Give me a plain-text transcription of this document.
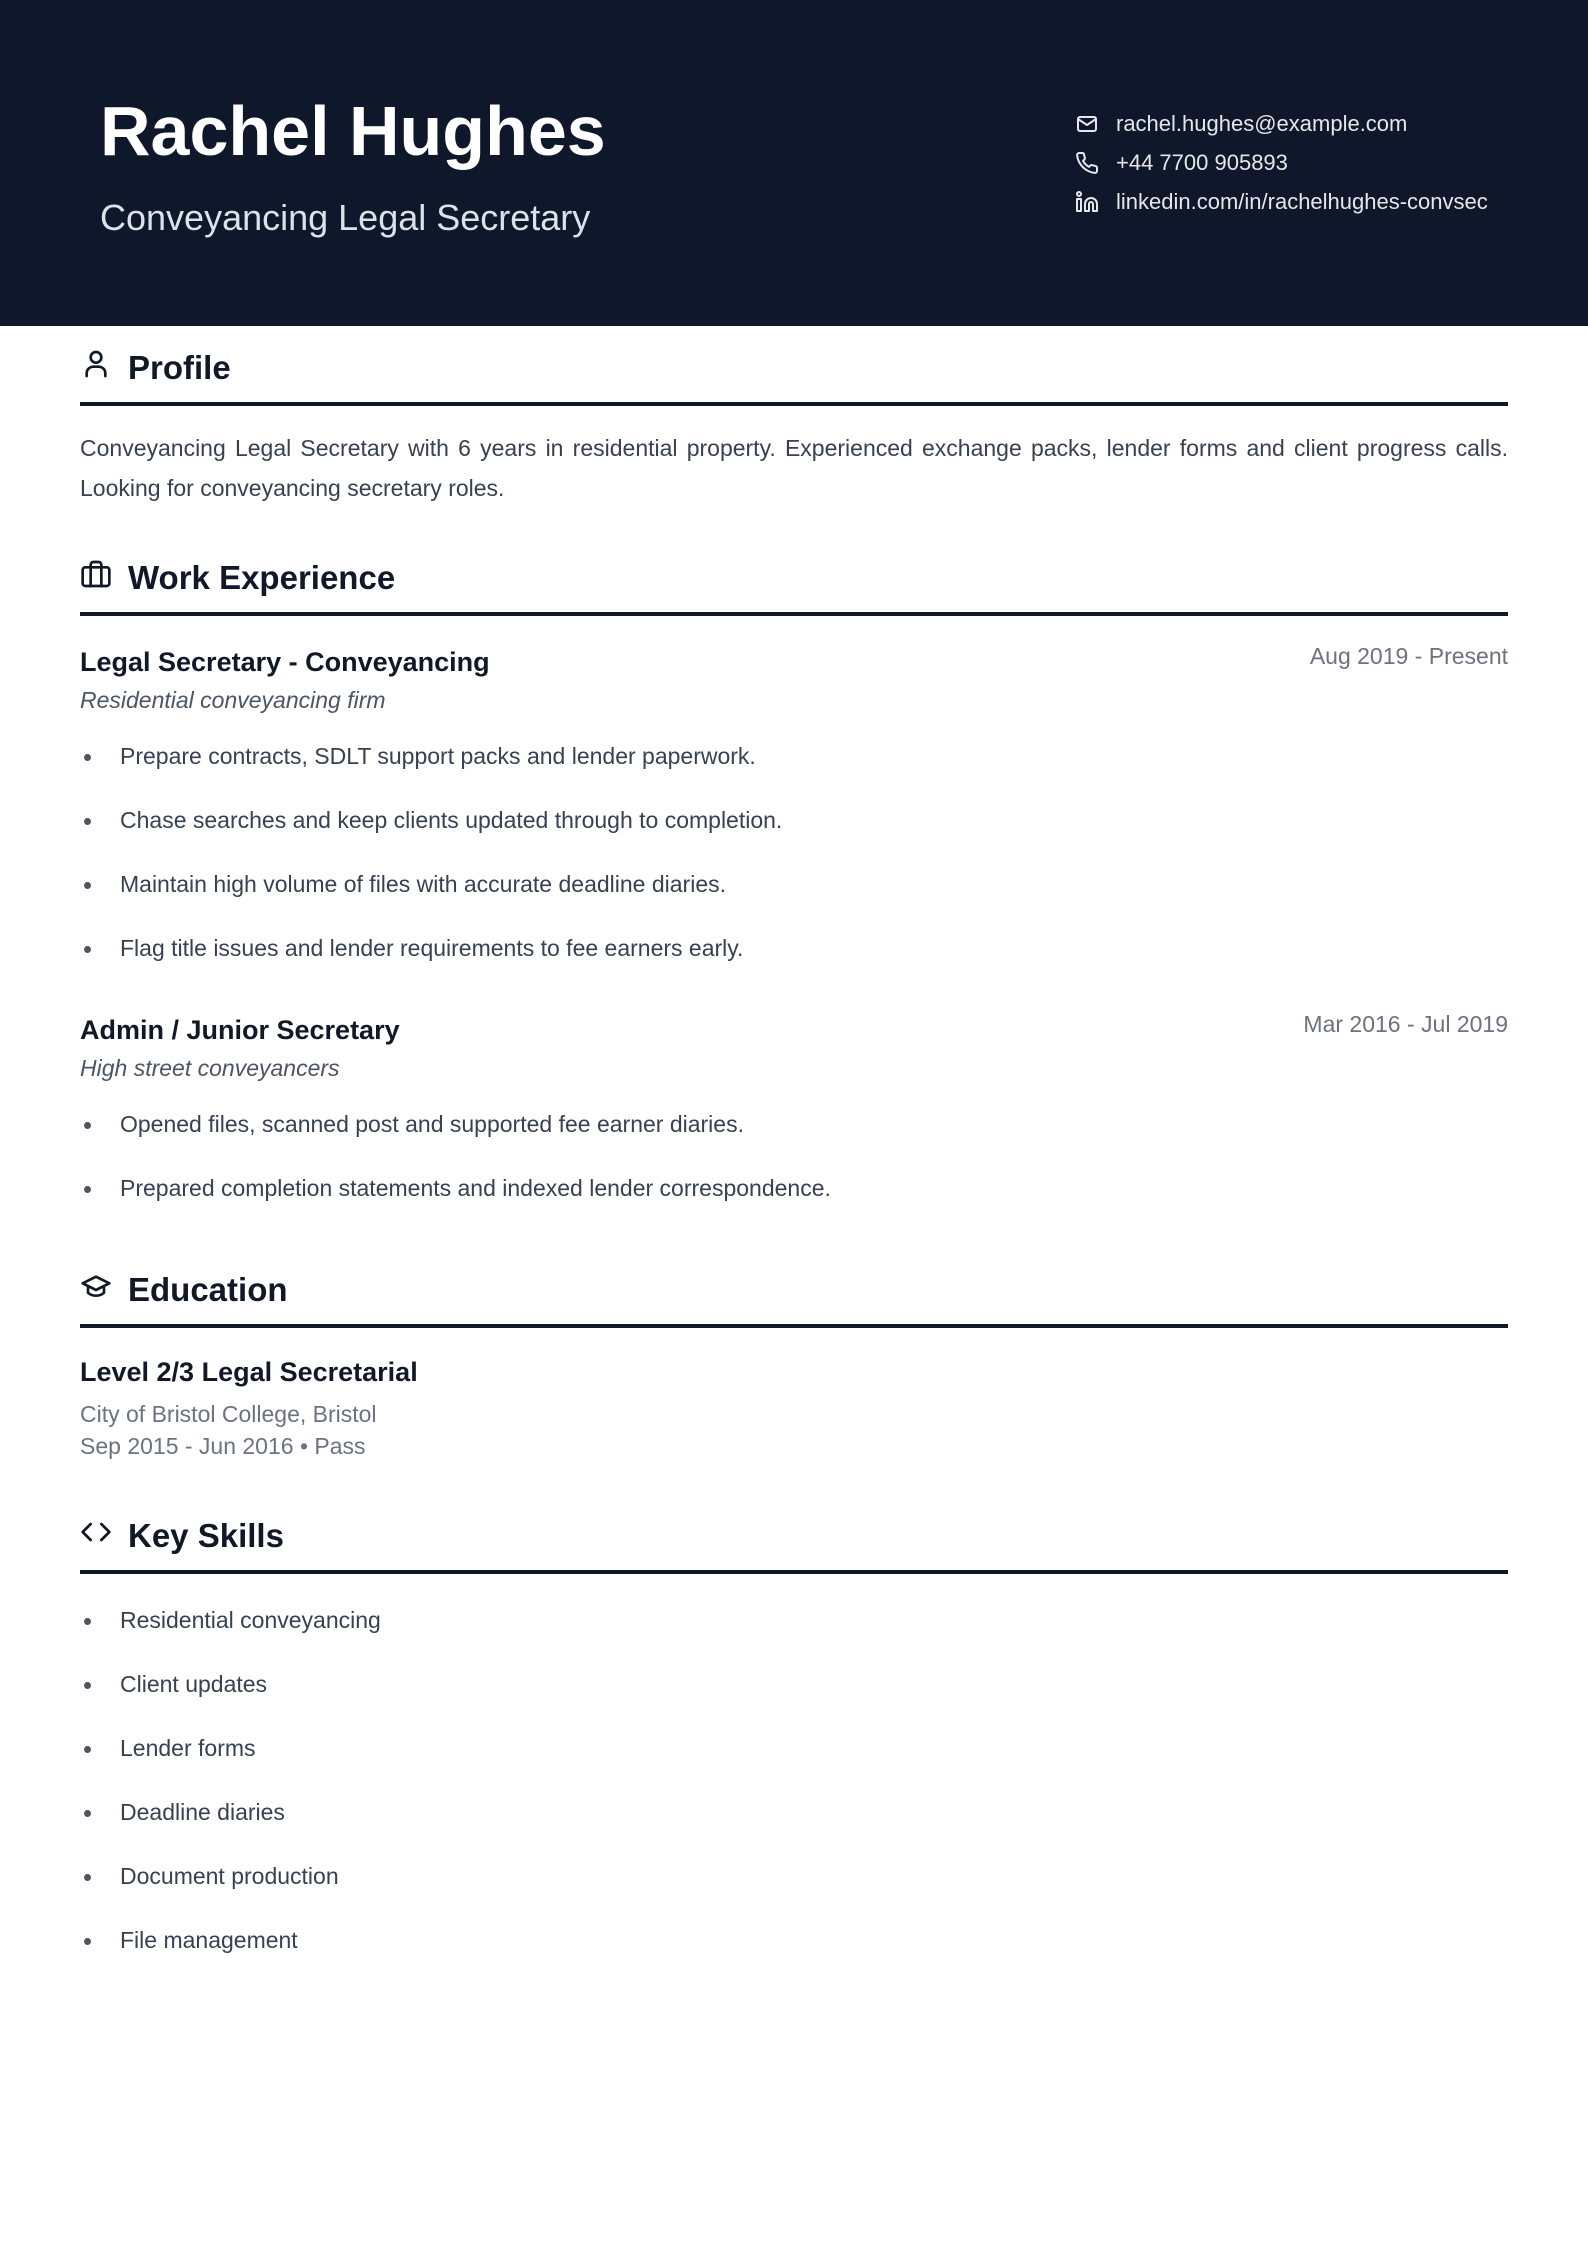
Rachel Hughes
Conveyancing Legal Secretary
rachel.hughes@example.com
+44 7700 905893
linkedin.com/in/rachelhughes-convsec
Profile

Conveyancing Legal Secretary with 6 years in residential property. Experienced exchange packs, lender forms and client progress calls. Looking for conveyancing secretary roles.

Work Experience
Legal Secretary - Conveyancing	Aug 2019 - Present
Residential conveyancing firm
Prepare contracts, SDLT support packs and lender paperwork.
Chase searches and keep clients updated through to completion.
Maintain high volume of files with accurate deadline diaries.
Flag title issues and lender requirements to fee earners early.
Admin / Junior Secretary	Mar 2016 - Jul 2019
High street conveyancers
Opened files, scanned post and supported fee earner diaries.
Prepared completion statements and indexed lender correspondence.
Education
Level 2/3 Legal Secretarial
City of Bristol College, Bristol
Sep 2015 - Jun 2016 • Pass
Key Skills
Residential conveyancing
Client updates
Lender forms
Deadline diaries
Document production
File management
